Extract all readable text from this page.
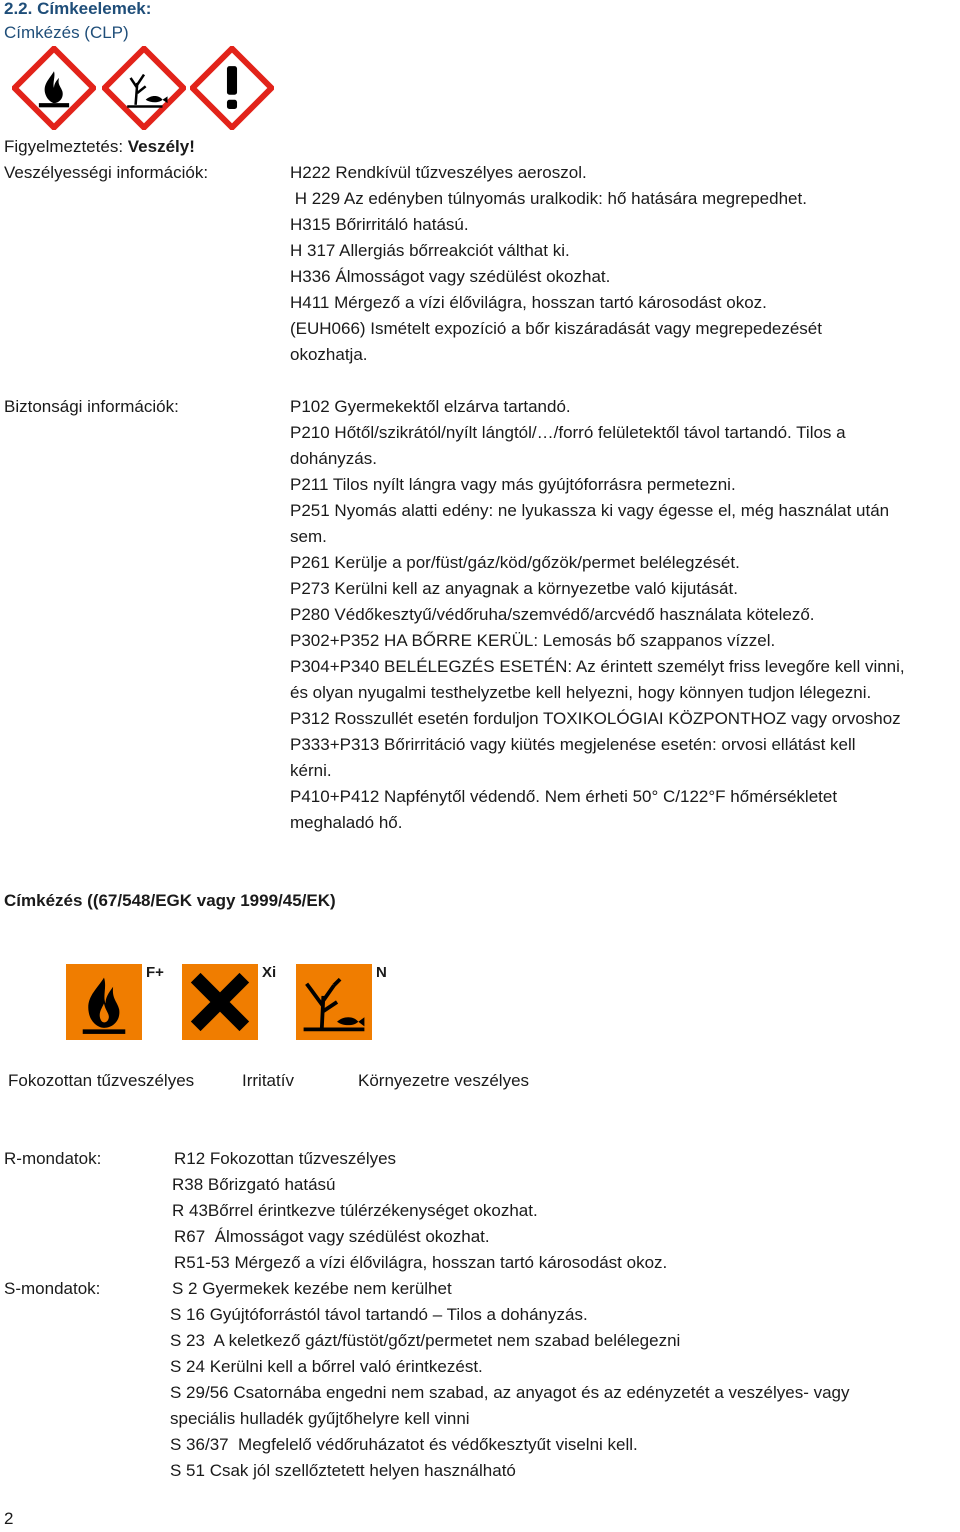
2.2. Címkeelemek:
Címkézés (CLP)
Figyelmeztetés: Veszély!
Veszélyességi információk:	H222 Rendkívül tűzveszélyes aeroszol.
H 229 Az edényben túlnyomás uralkodik: hő hatására megrepedhet.
H315 Bőrirritáló hatású.
H 317 Allergiás bőrreakciót válthat ki.
H336 Álmosságot vagy szédülést okozhat.
H411 Mérgező a vízi élővilágra, hosszan tartó károsodást okoz.
(EUH066) Ismételt expozíció a bőr kiszáradását vagy megrepedezését
okozhatja.
Biztonsági információk:	P102 Gyermekektől elzárva tartandó.
P210 Hőtől/szikrától/nyílt lángtól/…/forró felületektől távol tartandó. Tilos a
dohányzás.
P211 Tilos nyílt lángra vagy más gyújtóforrásra permetezni.
P251 Nyomás alatti edény: ne lyukassza ki vagy égesse el, még használat után
sem.
P261 Kerülje a por/füst/gáz/köd/gőzök/permet belélegzését.
P273 Kerülni kell az anyagnak a környezetbe való kijutását.
P280 Védőkesztyű/védőruha/szemvédő/arcvédő használata kötelező.
P302+P352 HA BŐRRE KERÜL: Lemosás bő szappanos vízzel.
P304+P340 BELÉLEGZÉS ESETÉN: Az érintett személyt friss levegőre kell vinni,
és olyan nyugalmi testhelyzetbe kell helyezni, hogy könnyen tudjon lélegezni.
P312 Rosszullét esetén forduljon TOXIKOLÓGIAI KÖZPONTHOZ vagy orvoshoz
P333+P313 Bőrirritáció vagy kiütés megjelenése esetén: orvosi ellátást kell
kérni.
P410+P412 Napfénytől védendő. Nem érheti 50° C/122°F hőmérsékletet
meghaladó hő.
Címkézés ((67/548/EGK vagy 1999/45/EK)
F+	Xi	N
Fokozottan tűzveszélyes	Irritatív	Környezetre veszélyes
R-mondatok:	R12 Fokozottan tűzveszélyes
R38 Bőrizgató hatású
R 43Bőrrel érintkezve túlérzékenységet okozhat.
R67  Álmosságot vagy szédülést okozhat.
R51-53 Mérgező a vízi élővilágra, hosszan tartó károsodást okoz.
S-mondatok:	S 2 Gyermekek kezébe nem kerülhet
S 16 Gyújtóforrástól távol tartandó – Tilos a dohányzás.
S 23  A keletkező gázt/füstöt/gőzt/permetet nem szabad belélegezni
S 24 Kerülni kell a bőrrel való érintkezést.
S 29/56 Csatornába engedni nem szabad, az anyagot és az edényzetét a veszélyes- vagy
speciális hulladék gyűjtőhelyre kell vinni
S 36/37  Megfelelő védőruházatot és védőkesztyűt viselni kell.
S 51 Csak jól szellőztetett helyen használható
2
